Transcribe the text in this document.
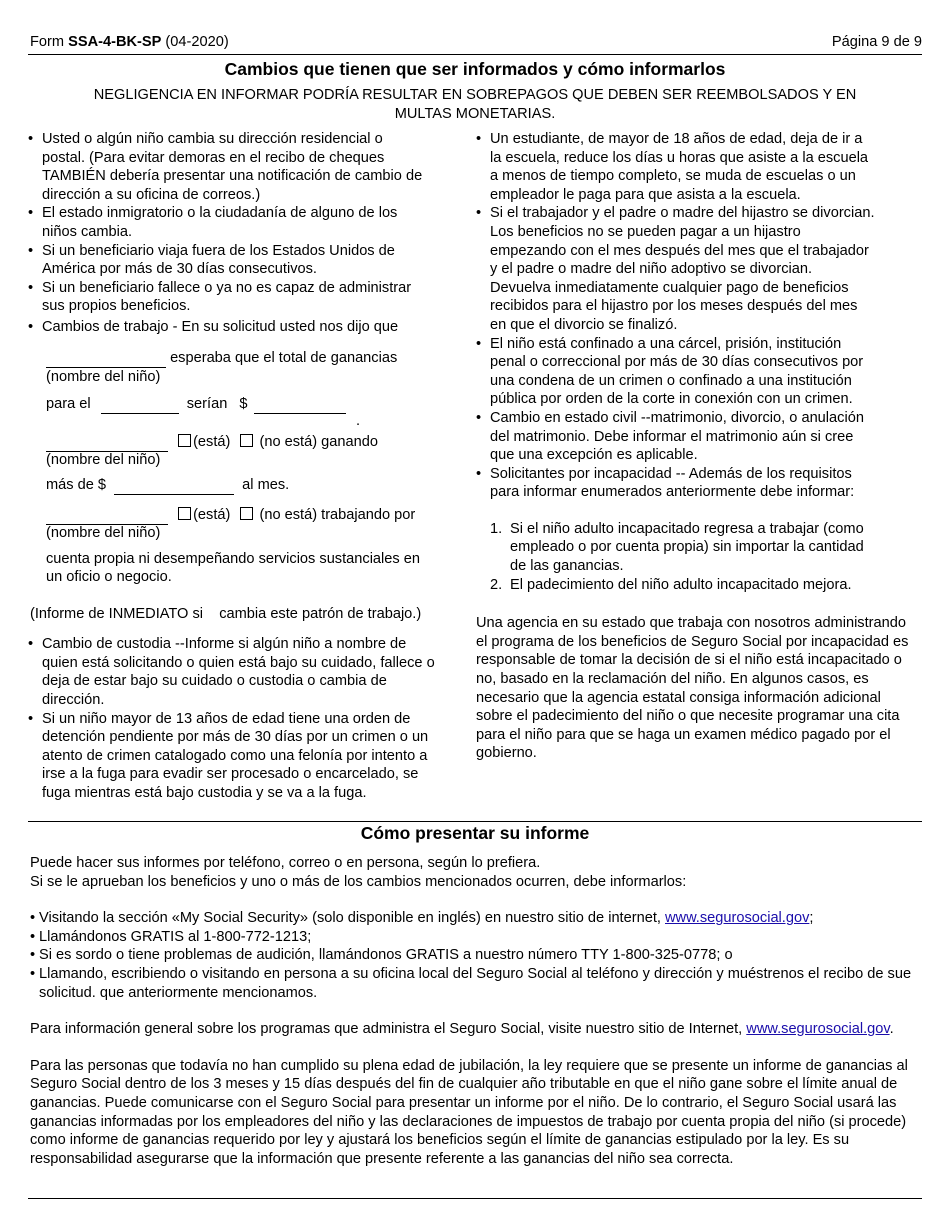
Form SSA-4-BK-SP (04-2020)	Página 9 de 9
Cambios que tienen que ser informados y cómo informarlos
NEGLIGENCIA EN INFORMAR PODRÍA RESULTAR EN SOBREPAGOS QUE DEBEN SER REEMBOLSADOS Y EN MULTAS MONETARIAS.
• Usted o algún niño cambia su dirección residencial o postal. (Para evitar demoras en el recibo de cheques TAMBIÉN debería presentar una notificación de cambio de dirección a su oficina de correos.)
• El estado inmigratorio o la ciudadanía de alguno de los niños cambia.
• Si un beneficiario viaja fuera de los Estados Unidos de América por más de 30 días consecutivos.
• Si un beneficiario fallece o ya no es capaz de administrar sus propios beneficios.
• Cambios de trabajo - En su solicitud usted nos dijo que
esperaba que el total de ganancias
(nombre del niño)
para el	serían $
.
(está) (no está) ganando
(nombre del niño)
más de $	al mes.
(está) (no está) trabajando por
(nombre del niño)
cuenta propia ni desempeñando servicios sustanciales en un oficio o negocio.
(Informe de INMEDIATO si    cambia este patrón de trabajo.)
• Cambio de custodia --Informe si algún niño a nombre de quien está solicitando o quien está bajo su cuidado, fallece o deja de estar bajo su cuidado o custodia o cambia de dirección.
• Si un niño mayor de 13 años de edad tiene una orden de detención pendiente por más de 30 días por un crimen o un atento de crimen catalogado como una felonía por intento a irse a la fuga para evadir ser procesado o encarcelado, se fuga mientras está bajo custodia y se va a la fuga.
• Un estudiante, de mayor de 18 años de edad, deja de ir a la escuela, reduce los días u horas que asiste a la escuela a menos de tiempo completo, se muda de escuelas o un empleador le paga para que asista a la escuela.
• Si el trabajador y el padre o madre del hijastro se divorcian. Los beneficios no se pueden pagar a un hijastro empezando con el mes después del mes que el trabajador y el padre o madre del niño adoptivo se divorcian. Devuelva inmediatamente cualquier pago de beneficios recibidos para el hijastro por los meses después del mes en que el divorcio se finalizó.
• El niño está confinado a una cárcel, prisión, institución penal o correccional por más de 30 días consecutivos por una condena de un crimen o confinado a una institución pública por orden de la corte in conexión con un crimen.
• Cambio en estado civil --matrimonio, divorcio, o anulación del matrimonio. Debe informar el matrimonio aún si cree que una excepción es aplicable.
• Solicitantes por incapacidad -- Además de los requisitos para informar enumerados anteriormente debe informar:
1. Si el niño adulto incapacitado regresa a trabajar (como empleado o por cuenta propia) sin importar la cantidad de las ganancias.
2. El padecimiento del niño adulto incapacitado mejora.

Una agencia en su estado que trabaja con nosotros administrando el programa de los beneficios de Seguro Social por incapacidad es responsable de tomar la decisión de si el niño está incapacitado o no, basado en la reclamación del niño. En algunos casos, es necesario que la agencia estatal consiga información adicional sobre el padecimiento del niño o que necesite programar una cita para el niño para que se haga un examen médico pagado por el gobierno.

Cómo presentar su informe
Puede hacer sus informes por teléfono, correo o en persona, según lo prefiera.
Si se le aprueban los beneficios y uno o más de los cambios mencionados ocurren, debe informarlos:
• Visitando la sección «My Social Security» (solo disponible en inglés) en nuestro sitio de internet, www.segurosocial.gov;
• Llamándonos GRATIS al 1-800-772-1213;
• Si es sordo o tiene problemas de audición, llamándonos GRATIS a nuestro número TTY 1-800-325-0778; o
• Llamando, escribiendo o visitando en persona a su oficina local del Seguro Social al teléfono y dirección y muéstrenos el recibo de sue solicitud. que anteriormente mencionamos.

Para información general sobre los programas que administra el Seguro Social, visite nuestro sitio de Internet, www.segurosocial.gov.

Para las personas que todavía no han cumplido su plena edad de jubilación, la ley requiere que se presente un informe de ganancias al Seguro Social dentro de los 3 meses y 15 días después del fin de cualquier año tributable en que el niño gane sobre el límite anual de ganancias. Puede comunicarse con el Seguro Social para presentar un informe por el niño. De lo contrario, el Seguro Social usará las ganancias informadas por los empleadores del niño y las declaraciones de impuestos de trabajo por cuenta propia del niño (si procede) como informe de ganancias requerido por ley y ajustará los beneficios según el límite de ganancias estipulado por la ley. Es su responsabilidad asegurarse que la información que presente referente a las ganancias del niño sea correcta.
